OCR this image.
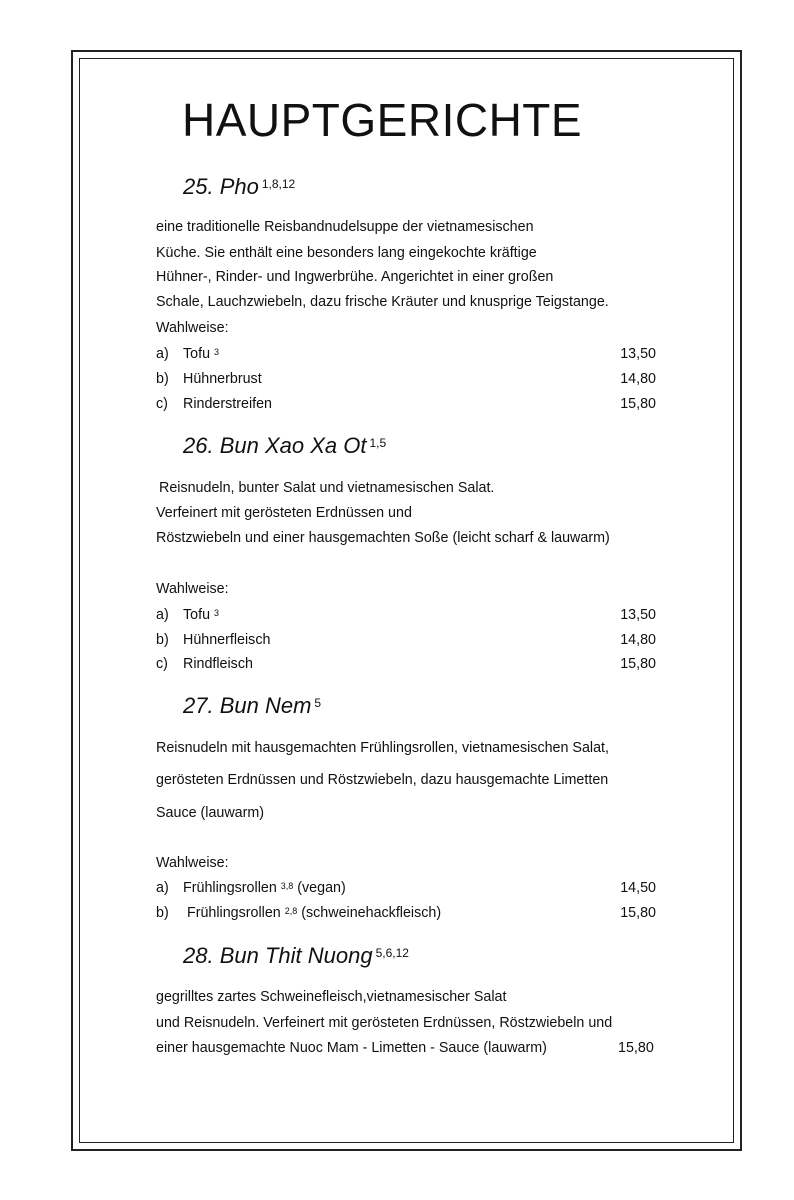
HAUPTGERICHTE
25. Pho $^{1,8,12}$
eine traditionelle Reisbandnudelsuppe der vietnamesischen
Küche. Sie enthält eine besonders lang eingekochte kräftige
Hühner-, Rinder- und Ingwerbrühe. Angerichtet in einer großen
Schale, Lauchzwiebeln, dazu frische Kräuter und knusprige Teigstange.
Wahlweise:
a) Tofu $^3$	13,50
b) Hühnerbrust	14,80
c) Rinderstreifen	15,80
26. Bun Xao Xa Ot $^{1,5}$
Reisnudeln, bunter Salat und vietnamesischen Salat.
Verfeinert mit gerösteten Erdnüssen und
Röstzwiebeln und einer hausgemachten Soße (leicht scharf & lauwarm)
Wahlweise:
a) Tofu $^3$	13,50
b) Hühnerfleisch	14,80
c) Rindfleisch	15,80
27. Bun Nem $^5$
Reisnudeln mit hausgemachten Frühlingsrollen, vietnamesischen Salat,
gerösteten Erdnüssen und Röstzwiebeln, dazu hausgemachte Limetten
Sauce (lauwarm)
Wahlweise:
a) Frühlingsrollen $^{3,8}$ (vegan)	14,50
b) Frühlingsrollen $^{2,8}$ (schweinehackfleisch)	15,80
28. Bun Thit Nuong $^{5,6,12}$
gegrilltes zartes Schweinefleisch,vietnamesischer Salat
und Reisnudeln. Verfeinert mit gerösteten Erdnüssen, Röstzwiebeln und
einer hausgemachte Nuoc Mam - Limetten - Sauce (lauwarm)	15,80
